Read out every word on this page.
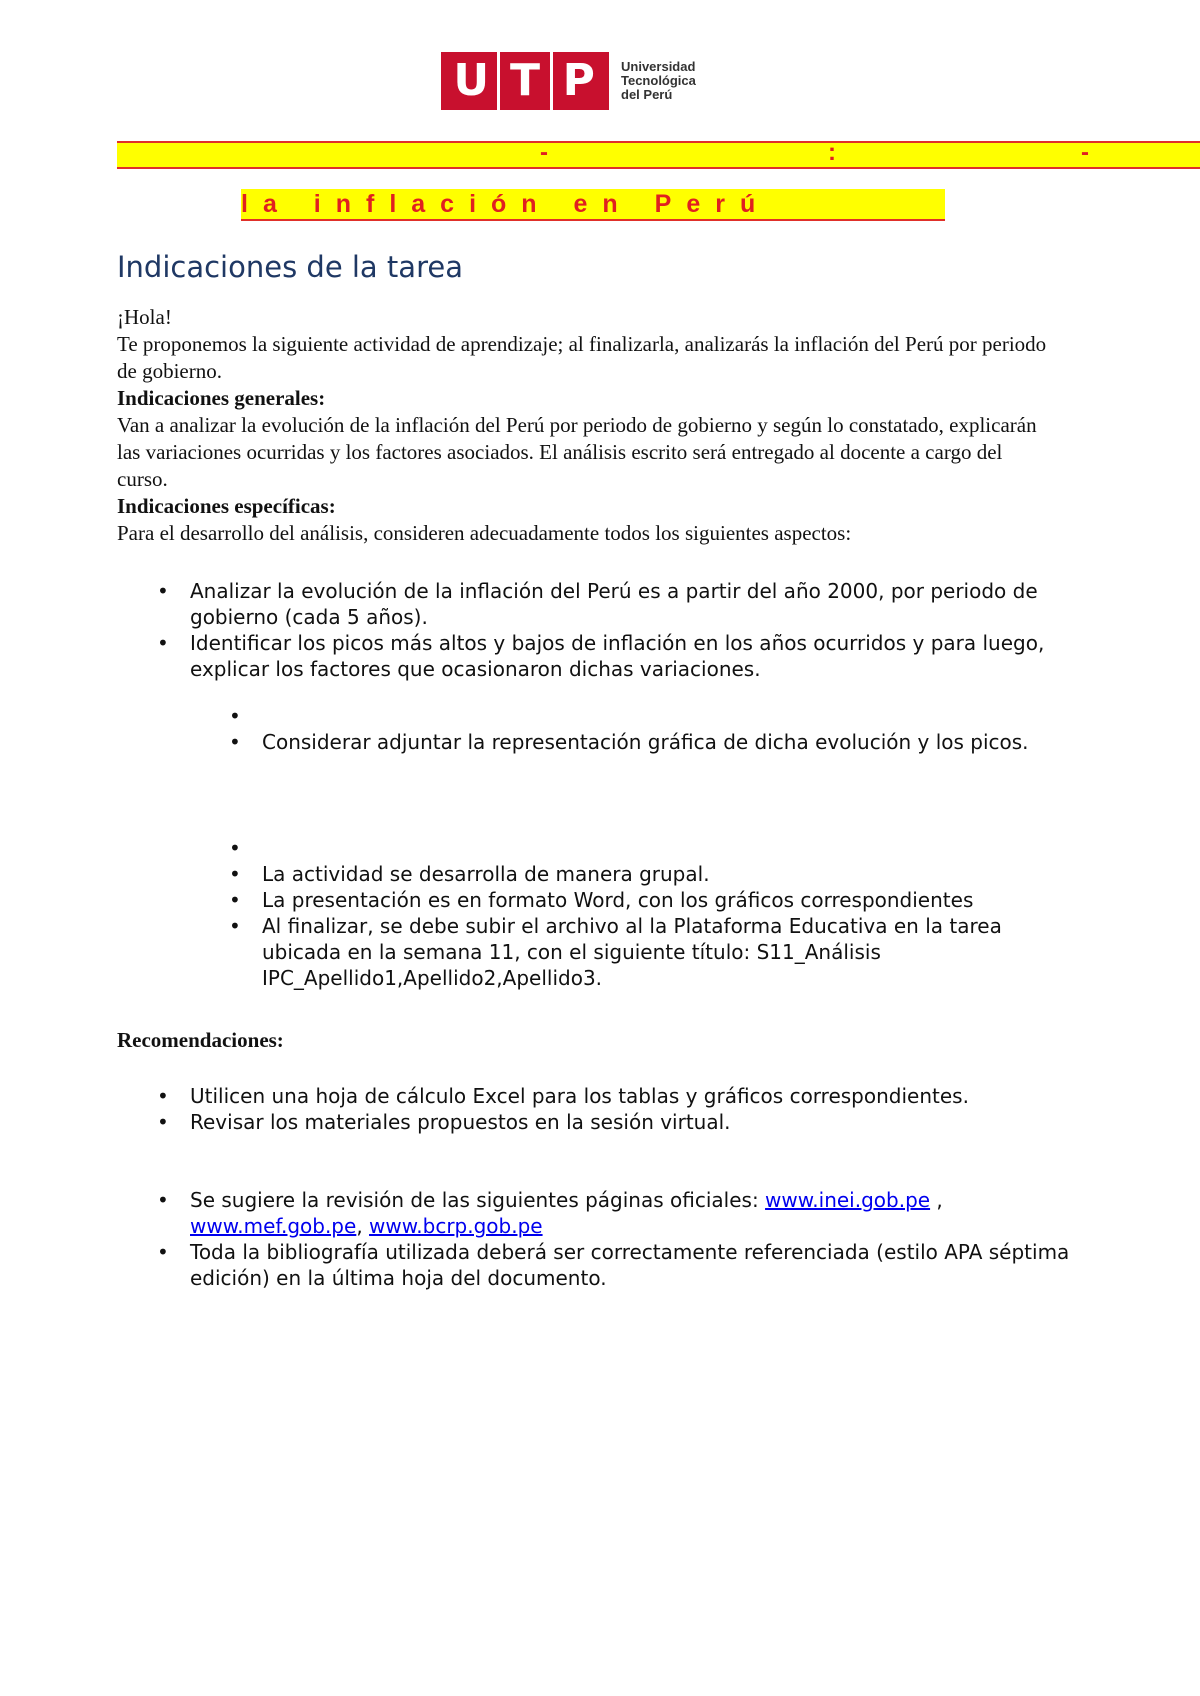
U T P	Universidad
Tecnológica
del Perú
-	:	-
la inflación en Perú
Indicaciones de la tarea

¡Hola!

Te proponemos la siguiente actividad de aprendizaje; al finalizarla, analizarás la inflación del Perú por periodo de gobierno.

Indicaciones generales:

Van a analizar la evolución de la inflación del Perú por periodo de gobierno y según lo constatado, explicarán las variaciones ocurridas y los factores asociados. El análisis escrito será entregado al docente a cargo del curso.

Indicaciones específicas:

Para el desarrollo del análisis, consideren adecuadamente todos los siguientes aspectos:

• Analizar la evolución de la inflación del Perú es a partir del año 2000, por periodo de gobierno (cada 5 años).
• Identificar los picos más altos y bajos de inflación en los años ocurridos y para luego, explicar los factores que ocasionaron dichas variaciones.
•
• Considerar adjuntar la representación gráfica de dicha evolución y los picos.
•
• La actividad se desarrolla de manera grupal.
• La presentación es en formato Word, con los gráficos correspondientes
• Al finalizar, se debe subir el archivo al la Plataforma Educativa en la tarea ubicada en la semana 11, con el siguiente título: S11_Análisis IPC_Apellido1,Apellido2,Apellido3.
Recomendaciones:
• Utilicen una hoja de cálculo Excel para los tablas y gráficos correspondientes.
• Revisar los materiales propuestos en la sesión virtual.
• Se sugiere la revisión de las siguientes páginas oficiales: www.inei.gob.pe , www.mef.gob.pe, www.bcrp.gob.pe
• Toda la bibliografía utilizada deberá ser correctamente referenciada (estilo APA séptima edición) en la última hoja del documento.
